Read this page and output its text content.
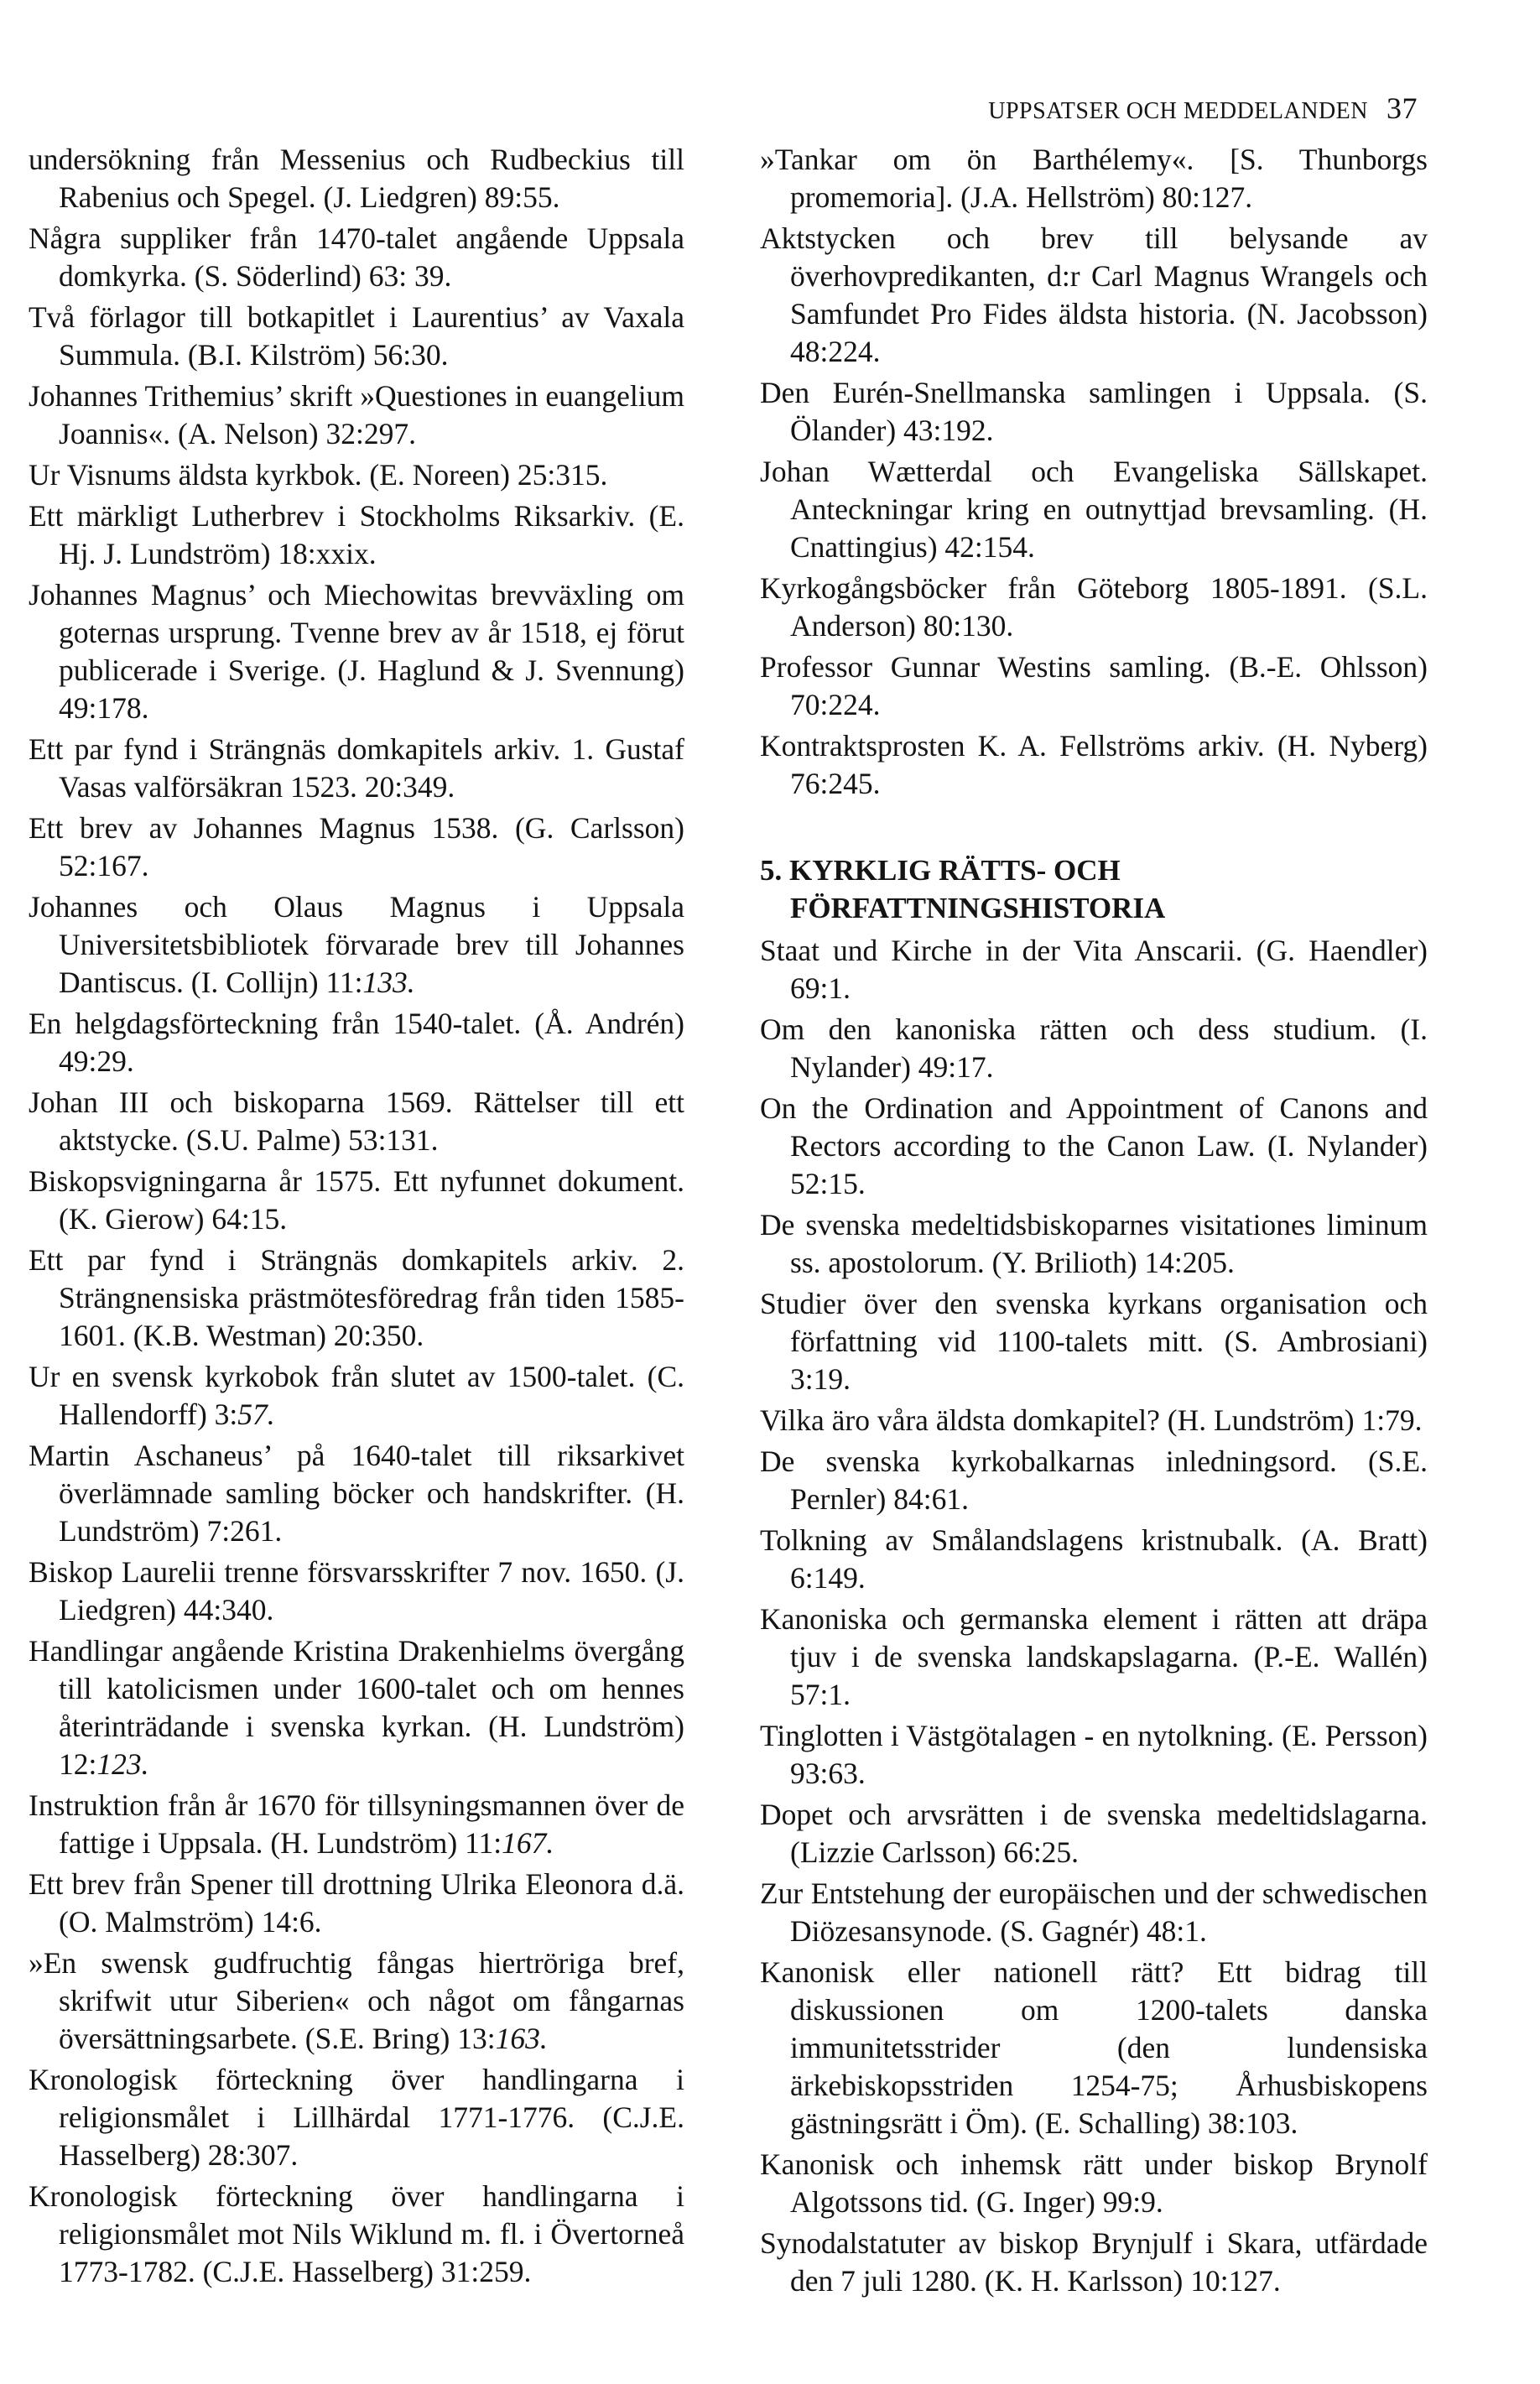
UPPSATSER OCH MEDDELANDEN 37

undersökning från Messenius och Rudbeckius till Rabenius och Spegel. (J. Liedgren) 89:55.

Några suppliker från 1470-talet angående Uppsala domkyrka. (S. Söderlind) 63: 39.

Två förlagor till botkapitlet i Laurentius’ av Vaxala Summula. (B.I. Kilström) 56:30.

Johannes Trithemius’ skrift »Questiones in euangelium Joannis«. (A. Nelson) 32:297.

Ur Visnums äldsta kyrkbok. (E. Noreen) 25:315.

Ett märkligt Lutherbrev i Stockholms Riksarkiv. (E. Hj. J. Lundström) 18:xxix.

Johannes Magnus’ och Miechowitas brevväxling om goternas ursprung. Tvenne brev av år 1518, ej förut publicerade i Sverige. (J. Haglund & J. Svennung) 49:178.

Ett par fynd i Strängnäs domkapitels arkiv. 1. Gustaf Vasas valförsäkran 1523. 20:349.

Ett brev av Johannes Magnus 1538. (G. Carlsson) 52:167.

Johannes och Olaus Magnus i Uppsala Universitetsbibliotek förvarade brev till Johannes Dantiscus. (I. Collijn) 11:133.

En helgdagsförteckning från 1540-talet. (Å. Andrén) 49:29.

Johan III och biskoparna 1569. Rättelser till ett aktstycke. (S.U. Palme) 53:131.

Biskopsvigningarna år 1575. Ett nyfunnet dokument. (K. Gierow) 64:15.

Ett par fynd i Strängnäs domkapitels arkiv. 2. Strängnensiska prästmötesföredrag från tiden 1585-1601. (K.B. Westman) 20:350.

Ur en svensk kyrkobok från slutet av 1500-talet. (C. Hallendorff) 3:57.

Martin Aschaneus’ på 1640-talet till riksarkivet överlämnade samling böcker och handskrifter. (H. Lundström) 7:261.

Biskop Laurelii trenne försvarsskrifter 7 nov. 1650. (J. Liedgren) 44:340.

Handlingar angående Kristina Drakenhielms övergång till katolicismen under 1600-talet och om hennes återinträdande i svenska kyrkan. (H. Lundström) 12:123.

Instruktion från år 1670 för tillsyningsmannen över de fattige i Uppsala. (H. Lundström) 11:167.

Ett brev från Spener till drottning Ulrika Eleonora d.ä. (O. Malmström) 14:6.

»En swensk gudfruchtig fångas hiertröriga bref, skrifwit utur Siberien« och något om fångarnas översättningsarbete. (S.E. Bring) 13:163.

Kronologisk förteckning över handlingarna i religionsmålet i Lillhärdal 1771-1776. (C.J.E. Hasselberg) 28:307.

Kronologisk förteckning över handlingarna i religionsmålet mot Nils Wiklund m. fl. i Övertorneå 1773-1782. (C.J.E. Hasselberg) 31:259.

»Tankar om ön Barthélemy«. [S. Thunborgs promemoria]. (J.A. Hellström) 80:127.

Aktstycken och brev till belysande av överhovpredikanten, d:r Carl Magnus Wrangels och Samfundet Pro Fides äldsta historia. (N. Jacobsson) 48:224.

Den Eurén-Snellmanska samlingen i Uppsala. (S. Ölander) 43:192.

Johan Wætterdal och Evangeliska Sällskapet. Anteckningar kring en outnyttjad brevsamling. (H. Cnattingius) 42:154.

Kyrkogångsböcker från Göteborg 1805-1891. (S.L. Anderson) 80:130.

Professor Gunnar Westins samling. (B.-E. Ohlsson) 70:224.

Kontraktsprosten K. A. Fellströms arkiv. (H. Nyberg) 76:245.

5. KYRKLIG RÄTTS- OCH FÖRFATTNINGSHISTORIA

Staat und Kirche in der Vita Anscarii. (G. Haendler) 69:1.

Om den kanoniska rätten och dess studium. (I. Nylander) 49:17.

On the Ordination and Appointment of Canons and Rectors according to the Canon Law. (I. Nylander) 52:15.

De svenska medeltidsbiskoparnes visitationes liminum ss. apostolorum. (Y. Brilioth) 14:205.

Studier över den svenska kyrkans organisation och författning vid 1100-talets mitt. (S. Ambrosiani) 3:19.

Vilka äro våra äldsta domkapitel? (H. Lundström) 1:79.

De svenska kyrkobalkarnas inledningsord. (S.E. Pernler) 84:61.

Tolkning av Smålandslagens kristnubalk. (A. Bratt) 6:149.

Kanoniska och germanska element i rätten att dräpa tjuv i de svenska landskapslagarna. (P.-E. Wallén) 57:1.

Tinglotten i Västgötalagen - en nytolkning. (E. Persson) 93:63.

Dopet och arvsrätten i de svenska medeltidslagarna. (Lizzie Carlsson) 66:25.

Zur Entstehung der europäischen und der schwedischen Diözesansynode. (S. Gagnér) 48:1.

Kanonisk eller nationell rätt? Ett bidrag till diskussionen om 1200-talets danska immunitetsstrider (den lundensiska ärkebiskopsstriden 1254-75; Århusbiskopens gästningsrätt i Öm). (E. Schalling) 38:103.

Kanonisk och inhemsk rätt under biskop Brynolf Algotssons tid. (G. Inger) 99:9.

Synodalstatuter av biskop Brynjulf i Skara, utfärdade den 7 juli 1280. (K. H. Karlsson) 10:127.
